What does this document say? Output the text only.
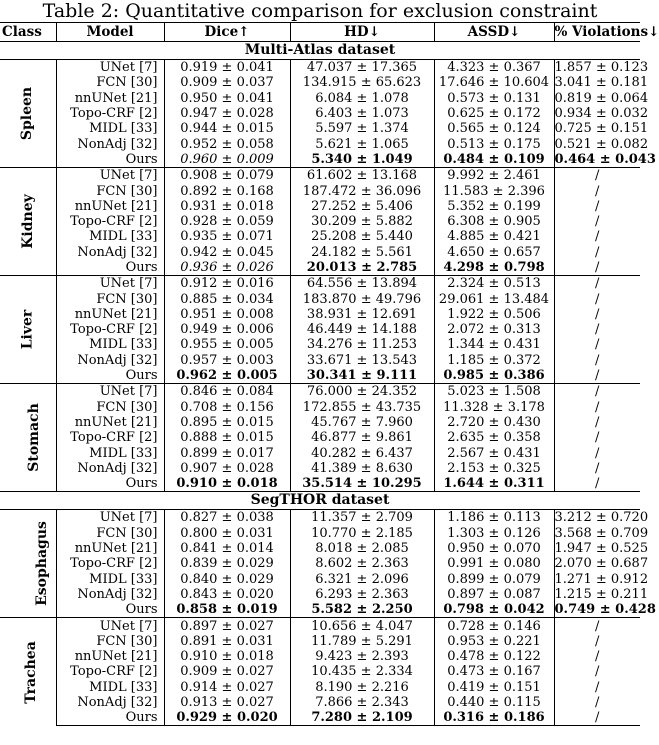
Table 2: Quantitative comparison for exclusion constraint
Class	Model	Dice↑	HD↓	ASSD↓	% Violations↓
Multi-Atlas dataset					
Spleen	UNet [7]	0.919 ± 0.041	47.037 ± 17.365	4.323 ± 0.367	1.857 ± 0.123
	FCN [30]	0.909 ± 0.037	134.915 ± 65.623	17.646 ± 10.604	3.041 ± 0.181
	nnUNet [21]	0.950 ± 0.041	6.084 ± 1.078	0.573 ± 0.131	0.819 ± 0.064
	Topo-CRF [2]	0.947 ± 0.028	6.403 ± 1.073	0.625 ± 0.172	0.934 ± 0.032
	MIDL [33]	0.944 ± 0.015	5.597 ± 1.374	0.565 ± 0.124	0.725 ± 0.151
	NonAdj [32]	0.952 ± 0.058	5.621 ± 1.065	0.513 ± 0.175	0.521 ± 0.082
	Ours	0.960 ± 0.009	5.340 ± 1.049	0.484 ± 0.109	0.464 ± 0.043
Kidney	UNet [7]	0.908 ± 0.079	61.602 ± 13.168	9.992 ± 2.461	/
	FCN [30]	0.892 ± 0.168	187.472 ± 36.096	11.583 ± 2.396	/
	nnUNet [21]	0.931 ± 0.018	27.252 ± 5.406	5.352 ± 0.199	/
	Topo-CRF [2]	0.928 ± 0.059	30.209 ± 5.882	6.308 ± 0.905	/
	MIDL [33]	0.935 ± 0.071	25.208 ± 5.440	4.885 ± 0.421	/
	NonAdj [32]	0.942 ± 0.045	24.182 ± 5.561	4.650 ± 0.657	/
	Ours	0.936 ± 0.026	20.013 ± 2.785	4.298 ± 0.798	/
Liver	UNet [7]	0.912 ± 0.016	64.556 ± 13.894	2.324 ± 0.513	/
	FCN [30]	0.885 ± 0.034	183.870 ± 49.796	29.061 ± 13.484	/
	nnUNet [21]	0.951 ± 0.008	38.931 ± 12.691	1.922 ± 0.506	/
	Topo-CRF [2]	0.949 ± 0.006	46.449 ± 14.188	2.072 ± 0.313	/
	MIDL [33]	0.955 ± 0.005	34.276 ± 11.253	1.344 ± 0.431	/
	NonAdj [32]	0.957 ± 0.003	33.671 ± 13.543	1.185 ± 0.372	/
	Ours	0.962 ± 0.005	30.341 ± 9.111	0.985 ± 0.386	/
Stomach	UNet [7]	0.846 ± 0.084	76.000 ± 24.352	5.023 ± 1.508	/
	FCN [30]	0.708 ± 0.156	172.855 ± 43.735	11.328 ± 3.178	/
	nnUNet [21]	0.895 ± 0.015	45.767 ± 7.960	2.720 ± 0.430	/
	Topo-CRF [2]	0.888 ± 0.015	46.877 ± 9.861	2.635 ± 0.358	/
	MIDL [33]	0.899 ± 0.017	40.282 ± 6.437	2.567 ± 0.431	/
	NonAdj [32]	0.907 ± 0.028	41.389 ± 8.630	2.153 ± 0.325	/
	Ours	0.910 ± 0.018	35.514 ± 10.295	1.644 ± 0.311	/
SegTHOR dataset					
Esophagus	UNet [7]	0.827 ± 0.038	11.357 ± 2.709	1.186 ± 0.113	3.212 ± 0.720
	FCN [30]	0.800 ± 0.031	10.770 ± 2.185	1.303 ± 0.126	3.568 ± 0.709
	nnUNet [21]	0.841 ± 0.014	8.018 ± 2.085	0.950 ± 0.070	1.947 ± 0.525
	Topo-CRF [2]	0.839 ± 0.029	8.602 ± 2.363	0.991 ± 0.080	2.070 ± 0.687
	MIDL [33]	0.840 ± 0.029	6.321 ± 2.096	0.899 ± 0.079	1.271 ± 0.912
	NonAdj [32]	0.843 ± 0.020	6.293 ± 2.363	0.897 ± 0.087	1.215 ± 0.211
	Ours	0.858 ± 0.019	5.582 ± 2.250	0.798 ± 0.042	0.749 ± 0.428
Trachea	UNet [7]	0.897 ± 0.027	10.656 ± 4.047	0.728 ± 0.146	/
	FCN [30]	0.891 ± 0.031	11.789 ± 5.291	0.953 ± 0.221	/
	nnUNet [21]	0.910 ± 0.018	9.423 ± 2.393	0.478 ± 0.122	/
	Topo-CRF [2]	0.909 ± 0.027	10.435 ± 2.334	0.473 ± 0.167	/
	MIDL [33]	0.914 ± 0.027	8.190 ± 2.216	0.419 ± 0.151	/
	NonAdj [32]	0.913 ± 0.027	7.866 ± 2.343	0.440 ± 0.115	/
	Ours	0.929 ± 0.020	7.280 ± 2.109	0.316 ± 0.186	/
